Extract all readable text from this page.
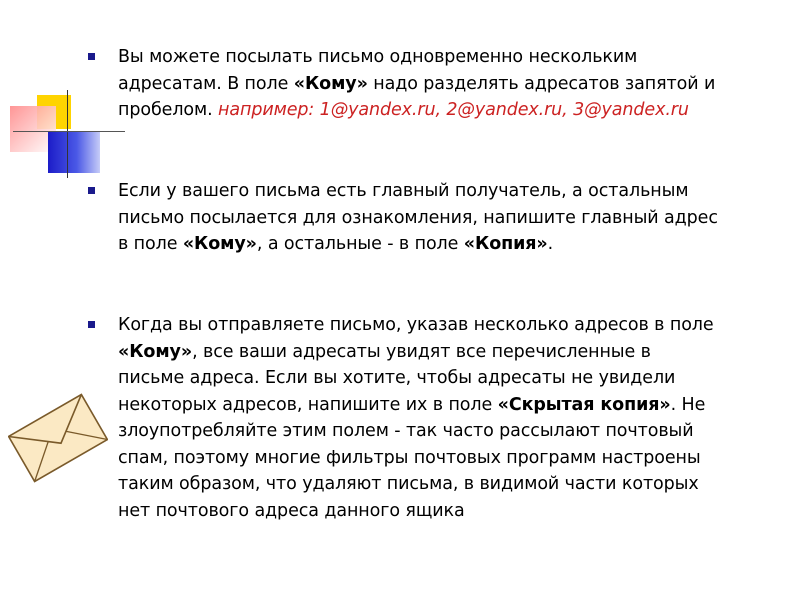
Вы можете посылать письмо одновременно нескольким
адресатам. В поле «Кому» надо разделять адресатов запятой и
пробелом. например: 1@yandex.ru, 2@yandex.ru, 3@yandex.ru
Если у вашего письма есть главный получатель, а остальным
письмо посылается для ознакомления, напишите главный адрес
в поле «Кому», а остальные - в поле «Копия».
Когда вы отправляете письмо, указав несколько адресов в поле
«Кому», все ваши адресаты увидят все перечисленные в
письме адреса. Если вы хотите, чтобы адресаты не увидели
некоторых адресов, напишите их в поле «Скрытая копия». Не
злоупотребляйте этим полем - так часто рассылают почтовый
спам, поэтому многие фильтры почтовых программ настроены
таким образом, что удаляют письма, в видимой части которых
нет почтового адреса данного ящика
